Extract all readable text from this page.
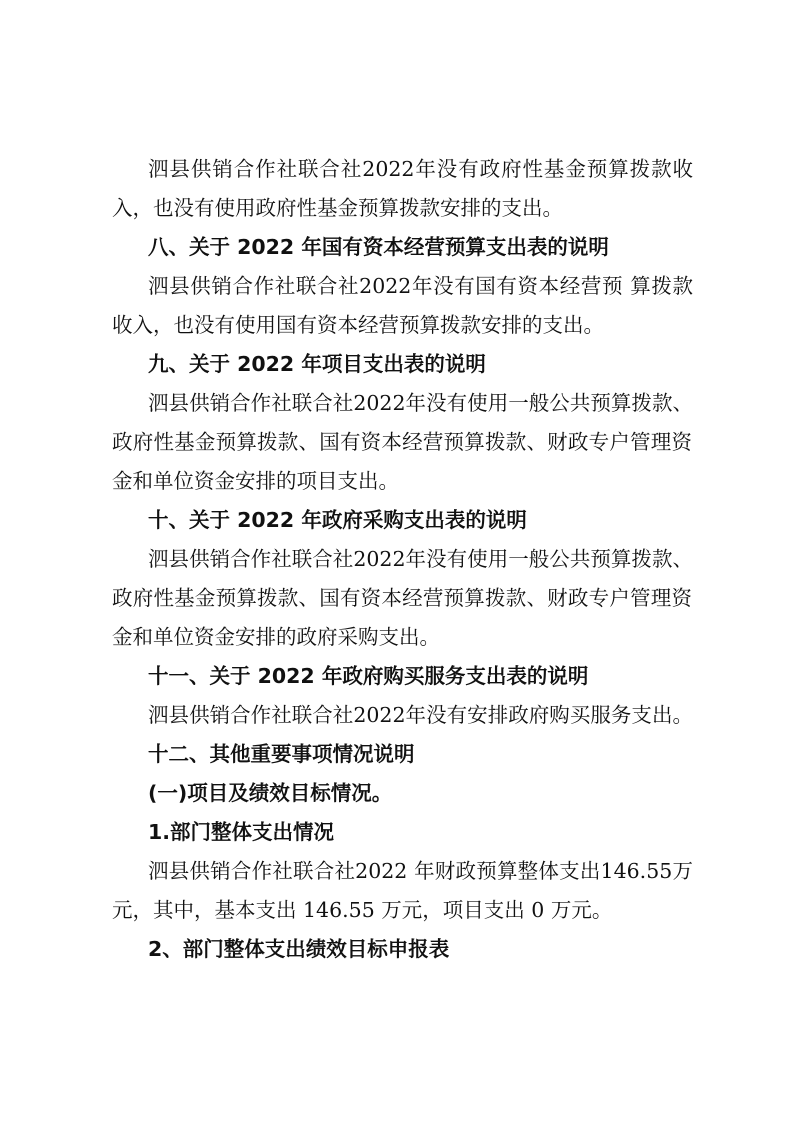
泗县供销合作社联合社2022年没有政府性基金预算拨款收
入，也没有使用政府性基金预算拨款安排的支出。
八、关于 2022 年国有资本经营预算支出表的说明
泗县供销合作社联合社2022年没有国有资本经营预 算拨款
收入，也没有使用国有资本经营预算拨款安排的支出。
九、关于 2022 年项目支出表的说明
泗县供销合作社联合社2022年没有使用一般公共预算拨款、
政府性基金预算拨款、国有资本经营预算拨款、财政专户管理资
金和单位资金安排的项目支出。
十、关于 2022 年政府采购支出表的说明
泗县供销合作社联合社2022年没有使用一般公共预算拨款、
政府性基金预算拨款、国有资本经营预算拨款、财政专户管理资
金和单位资金安排的政府采购支出。
十一、关于 2022 年政府购买服务支出表的说明
泗县供销合作社联合社2022年没有安排政府购买服务支出。
十二、其他重要事项情况说明
(一)项目及绩效目标情况。
1.部门整体支出情况
泗县供销合作社联合社2022 年财政预算整体支出146.55万
元，其中，基本支出 146.55 万元，项目支出 0 万元。
2、部门整体支出绩效目标申报表
